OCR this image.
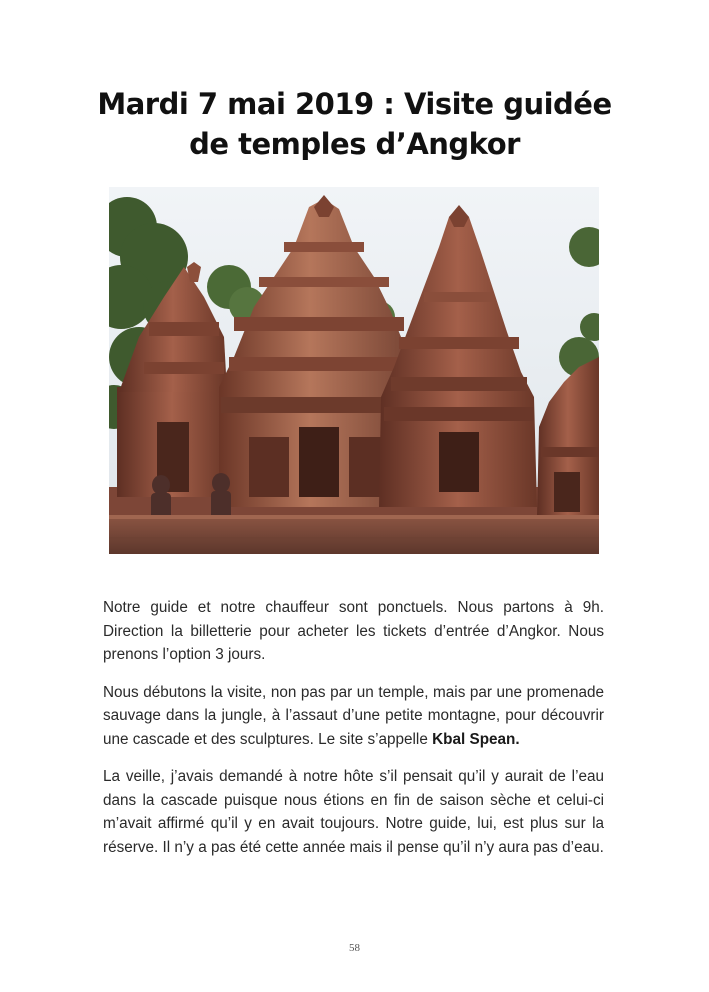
Mardi 7 mai 2019 : Visite guidée
de temples d’Angkor

Notre guide et notre chauffeur sont ponctuels. Nous partons à 9h. Direction la billetterie pour acheter les tickets d’entrée d’Angkor. Nous prenons l’option 3 jours.

Nous débutons la visite, non pas par un temple, mais par une promenade sauvage dans la jungle, à l’assaut d’une petite montagne, pour découvrir une cascade et des sculptures. Le site s’appelle Kbal Spean.

La veille, j’avais demandé à notre hôte s’il pensait qu’il y aurait de l’eau dans la cascade puisque nous étions en fin de saison sèche et celui-ci m’avait affirmé qu’il y en avait toujours. Notre guide, lui, est plus sur la réserve. Il n’y a pas été cette année mais il pense qu’il n’y aura pas d’eau.

58
